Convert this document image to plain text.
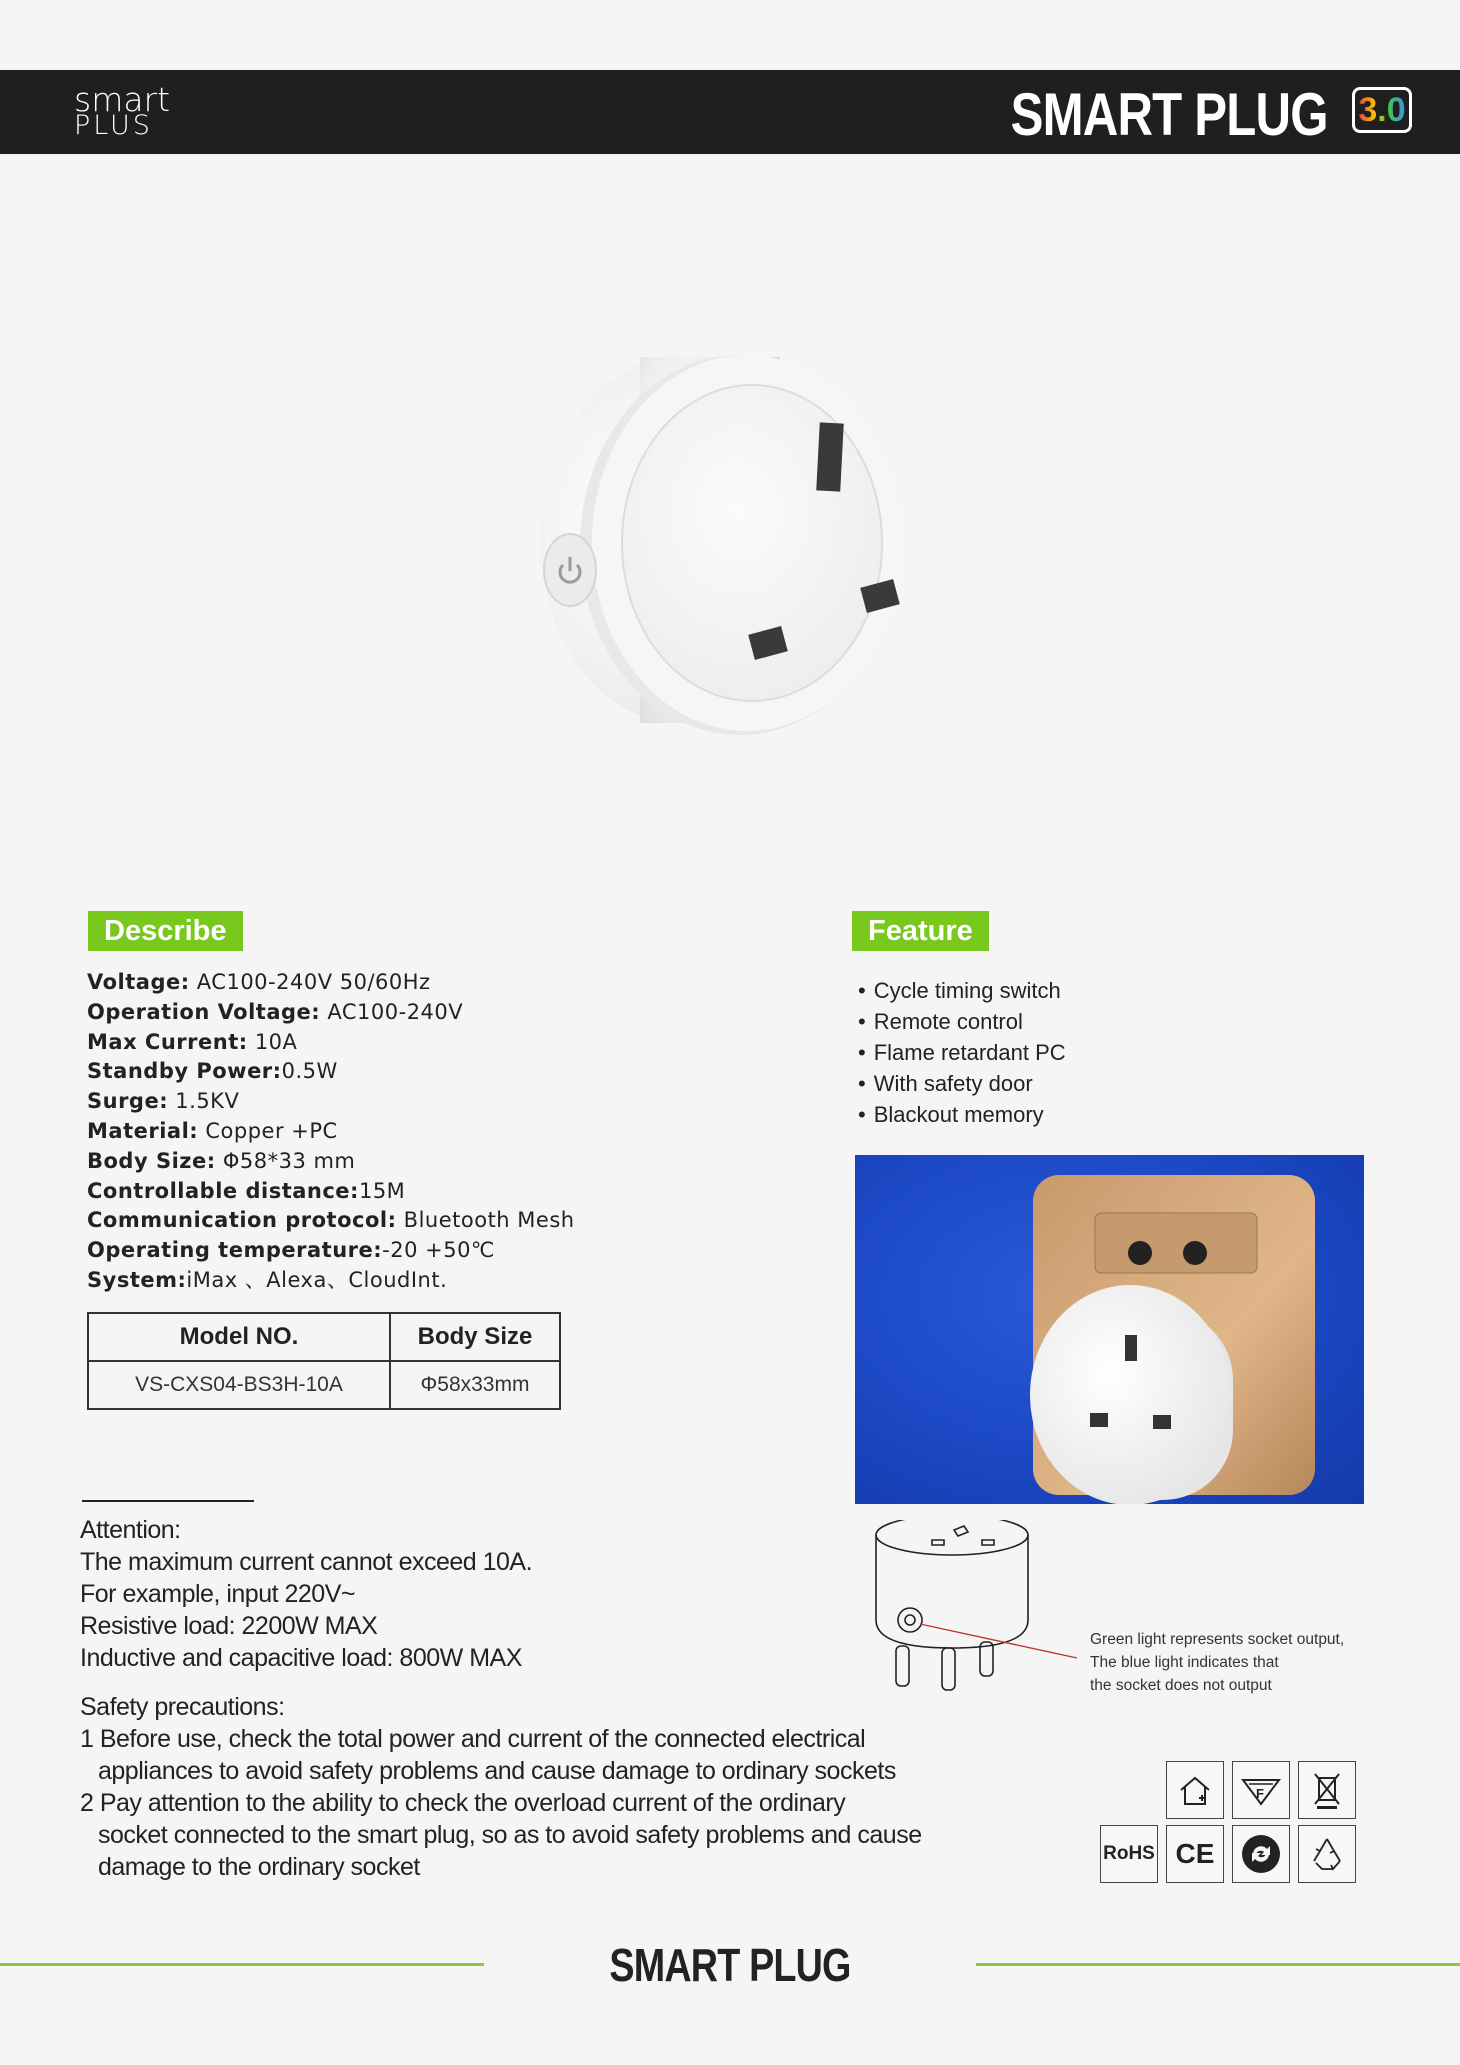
smart
PLUS	SMART PLUG 3.0
Describe
Voltage: AC100-240V 50/60Hz
Operation Voltage: AC100-240V
Max Current: 10A
Standby Power:0.5W
Surge: 1.5KV
Material: Copper +PC
Body Size: Φ58*33 mm
Controllable distance:15M
Communication protocol: Bluetooth Mesh
Operating temperature:-20 +50℃
System:iMax 、Alexa、CloudInt.
Model NO.	Body Size
VS-CXS04-BS3H-10A	Φ58x33mm
Feature
• Cycle timing switch
• Remote control
• Flame retardant PC
• With safety door
• Blackout memory
Attention:
The maximum current cannot exceed 10A.
For example, input 220V~
Resistive load: 2200W MAX
Inductive and capacitive load: 800W MAX
Safety precautions:
1 Before use, check the total power and current of the connected electrical
appliances to avoid safety problems and cause damage to ordinary sockets
2 Pay attention to the ability to check the overload current of the ordinary
socket connected to the smart plug, so as to avoid safety problems and cause
damage to the ordinary socket
Green light represents socket output,
The blue light indicates that
the socket does not output
F
RoHS CE
SMART PLUG
